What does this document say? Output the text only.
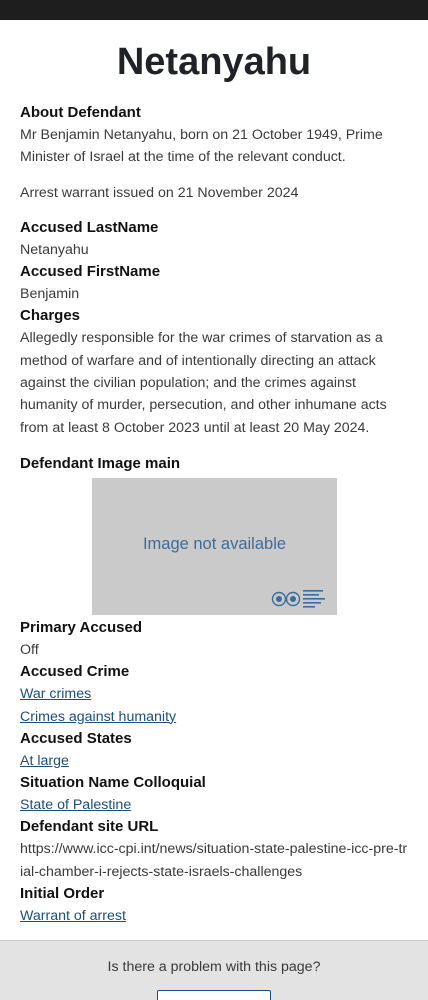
Netanyahu
About Defendant
Mr Benjamin Netanyahu, born on 21 October 1949, Prime Minister of Israel at the time of the relevant conduct.
Arrest warrant issued on 21 November 2024
Accused LastName
Netanyahu
Accused FirstName
Benjamin
Charges
Allegedly responsible for the war crimes of starvation as a method of warfare and of intentionally directing an attack against the civilian population; and the crimes against humanity of murder, persecution, and other inhumane acts from at least 8 October 2023 until at least 20 May 2024.
Defendant Image main
Image not available
Primary Accused
Off
Accused Crime
War crimes
Crimes against humanity
Accused States
At large
Situation Name Colloquial
State of Palestine
Defendant site URL
https://www.icc-cpi.int/news/situation-state-palestine-icc-pre-trial-chamber-i-rejects-state-israels-challenges
Initial Order
Warrant of arrest
Is there a problem with this page?
